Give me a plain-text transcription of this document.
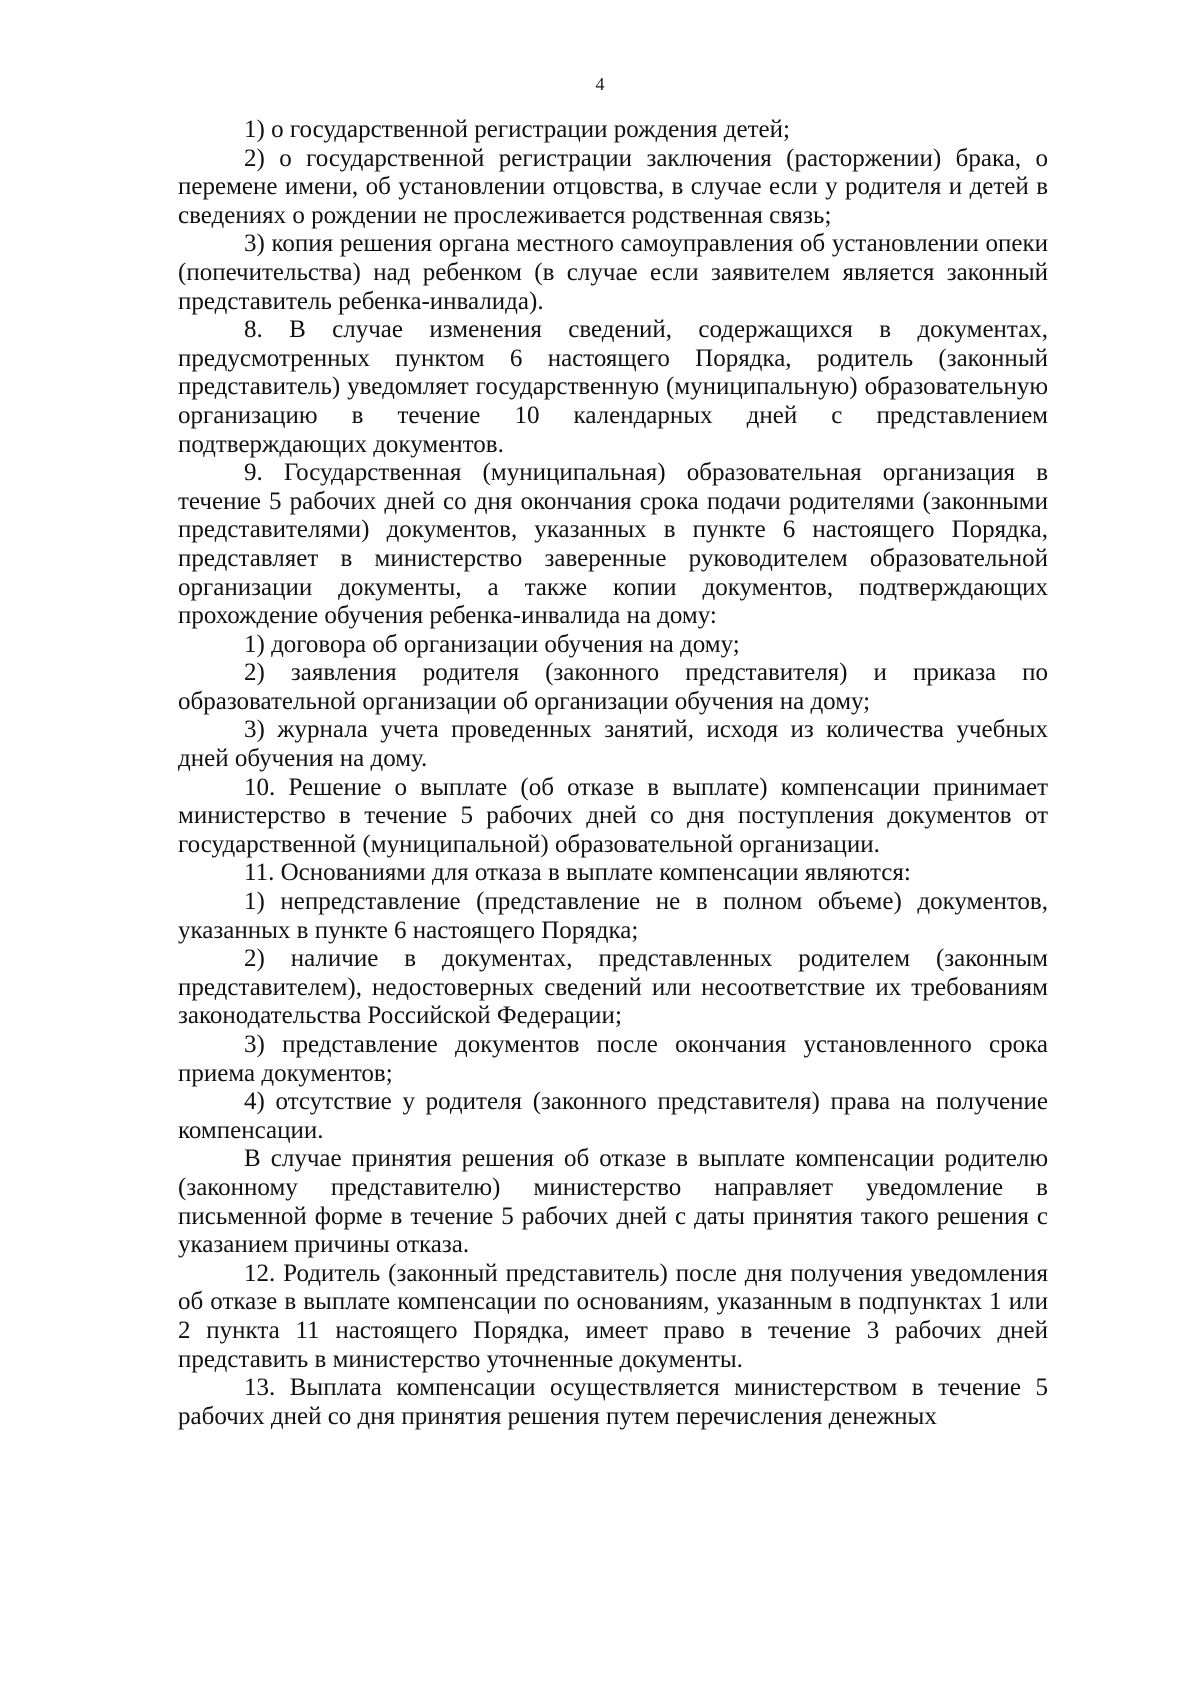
4

1) о государственной регистрации рождения детей;

2) о государственной регистрации заключения (расторжении) брака, о перемене имени, об установлении отцовства, в случае если у родителя и детей в сведениях о рождении не прослеживается родственная связь;

3) копия решения органа местного самоуправления об установлении опеки (попечительства) над ребенком (в случае если заявителем является законный представитель ребенка-инвалида).

8. В случае изменения сведений, содержащихся в документах, предусмотренных пунктом 6 настоящего Порядка, родитель (законный представитель) уведомляет государственную (муниципальную) образовательную организацию в течение 10 календарных дней с представлением подтверждающих документов.

9. Государственная (муниципальная) образовательная организация в течение 5 рабочих дней со дня окончания срока подачи родителями (законными представителями) документов, указанных в пункте 6 настоящего Порядка, представляет в министерство заверенные руководителем образовательной организации документы, а также копии документов, подтверждающих прохождение обучения ребенка-инвалида на дому:

1) договора об организации обучения на дому;

2) заявления родителя (законного представителя) и приказа по образовательной организации об организации обучения на дому;

3) журнала учета проведенных занятий, исходя из количества учебных дней обучения на дому.

10. Решение о выплате (об отказе в выплате) компенсации принимает министерство в течение 5 рабочих дней со дня поступления документов от государственной (муниципальной) образовательной организации.

11. Основаниями для отказа в выплате компенсации являются:

1) непредставление (представление не в полном объеме) документов, указанных в пункте 6 настоящего Порядка;

2) наличие в документах, представленных родителем (законным представителем), недостоверных сведений или несоответствие их требованиям законодательства Российской Федерации;

3) представление документов после окончания установленного срока приема документов;

4) отсутствие у родителя (законного представителя) права на получение компенсации.

В случае принятия решения об отказе в выплате компенсации родителю (законному представителю) министерство направляет уведомление в письменной форме в течение 5 рабочих дней с даты принятия такого решения с указанием причины отказа.

12. Родитель (законный представитель) после дня получения уведомления об отказе в выплате компенсации по основаниям, указанным в подпунктах 1 или 2 пункта 11 настоящего Порядка, имеет право в течение 3 рабочих дней представить в министерство уточненные документы.

13. Выплата компенсации осуществляется министерством в течение 5 рабочих дней со дня принятия решения путем перечисления денежных
